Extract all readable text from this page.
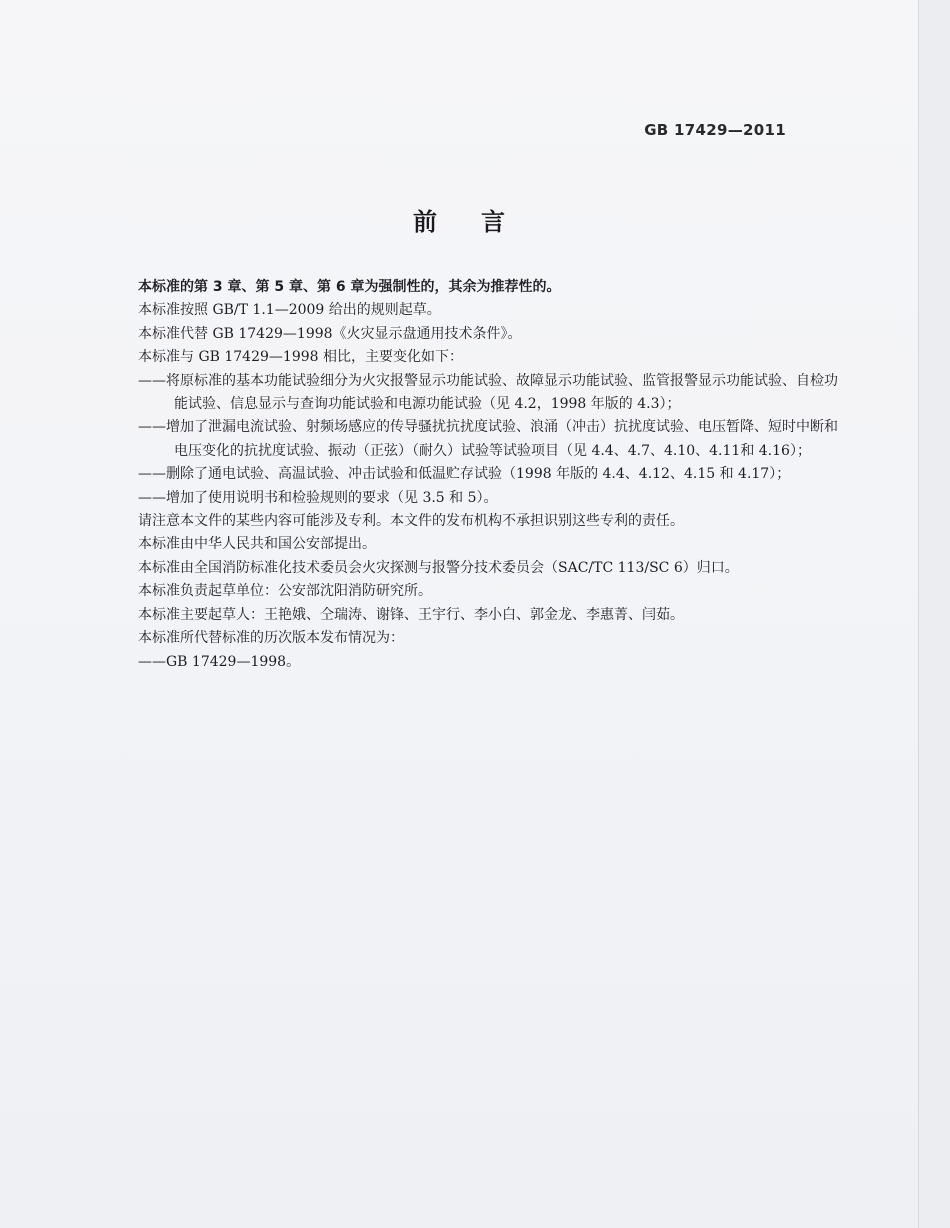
GB 17429—2011
前言

本标准的第 3 章、第 5 章、第 6 章为强制性的，其余为推荐性的。

本标准按照 GB/T 1.1—2009 给出的规则起草。

本标准代替 GB 17429—1998《火灾显示盘通用技术条件》。

本标准与 GB 17429—1998 相比，主要变化如下：

——将原标准的基本功能试验细分为火灾报警显示功能试验、故障显示功能试验、监管报警显示功能试验、自检功能试验、信息显示与查询功能试验和电源功能试验（见 4.2，1998 年版的 4.3）；

——增加了泄漏电流试验、射频场感应的传导骚扰抗扰度试验、浪涌（冲击）抗扰度试验、电压暂降、短时中断和电压变化的抗扰度试验、振动（正弦）（耐久）试验等试验项目（见 4.4、4.7、4.10、4.11和 4.16）；

——删除了通电试验、高温试验、冲击试验和低温贮存试验（1998 年版的 4.4、4.12、4.15 和 4.17）；

——增加了使用说明书和检验规则的要求（见 3.5 和 5）。

请注意本文件的某些内容可能涉及专利。本文件的发布机构不承担识别这些专利的责任。

本标准由中华人民共和国公安部提出。

本标准由全国消防标准化技术委员会火灾探测与报警分技术委员会（SAC/TC 113/SC 6）归口。

本标准负责起草单位：公安部沈阳消防研究所。

本标准主要起草人：王艳娥、仝瑞涛、谢锋、王宇行、李小白、郭金龙、李惠菁、闫茹。

本标准所代替标准的历次版本发布情况为：

——GB 17429—1998。
